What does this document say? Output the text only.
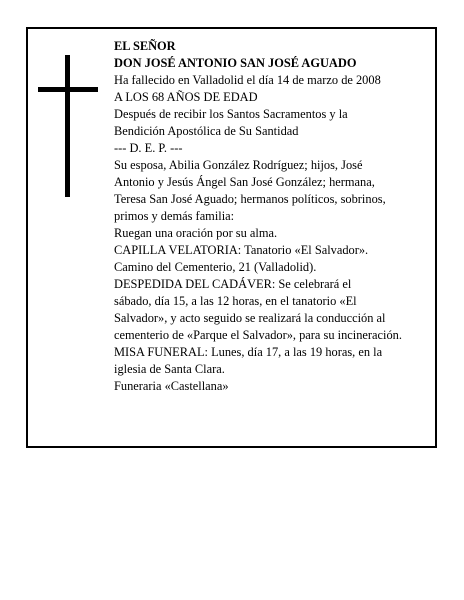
EL SEÑOR
DON JOSÉ ANTONIO SAN JOSÉ AGUADO
Ha fallecido en Valladolid el día 14 de marzo de 2008
A LOS 68 AÑOS DE EDAD
Después de recibir los Santos Sacramentos y la
Bendición Apostólica de Su Santidad
--- D. E. P. ---
Su esposa, Abilia González Rodríguez; hijos, José
Antonio y Jesús Ángel San José González; hermana,
Teresa San José Aguado; hermanos políticos, sobrinos,
primos y demás familia:
Ruegan una oración por su alma.
CAPILLA VELATORIA: Tanatorio «El Salvador».
Camino del Cementerio, 21 (Valladolid).
DESPEDIDA DEL CADÁVER: Se celebrará el
sábado, día 15, a las 12 horas, en el tanatorio «El
Salvador», y acto seguido se realizará la conducción al
cementerio de «Parque el Salvador», para su incineración.
MISA FUNERAL: Lunes, día 17, a las 19 horas, en la
iglesia de Santa Clara.
Funeraria «Castellana»
